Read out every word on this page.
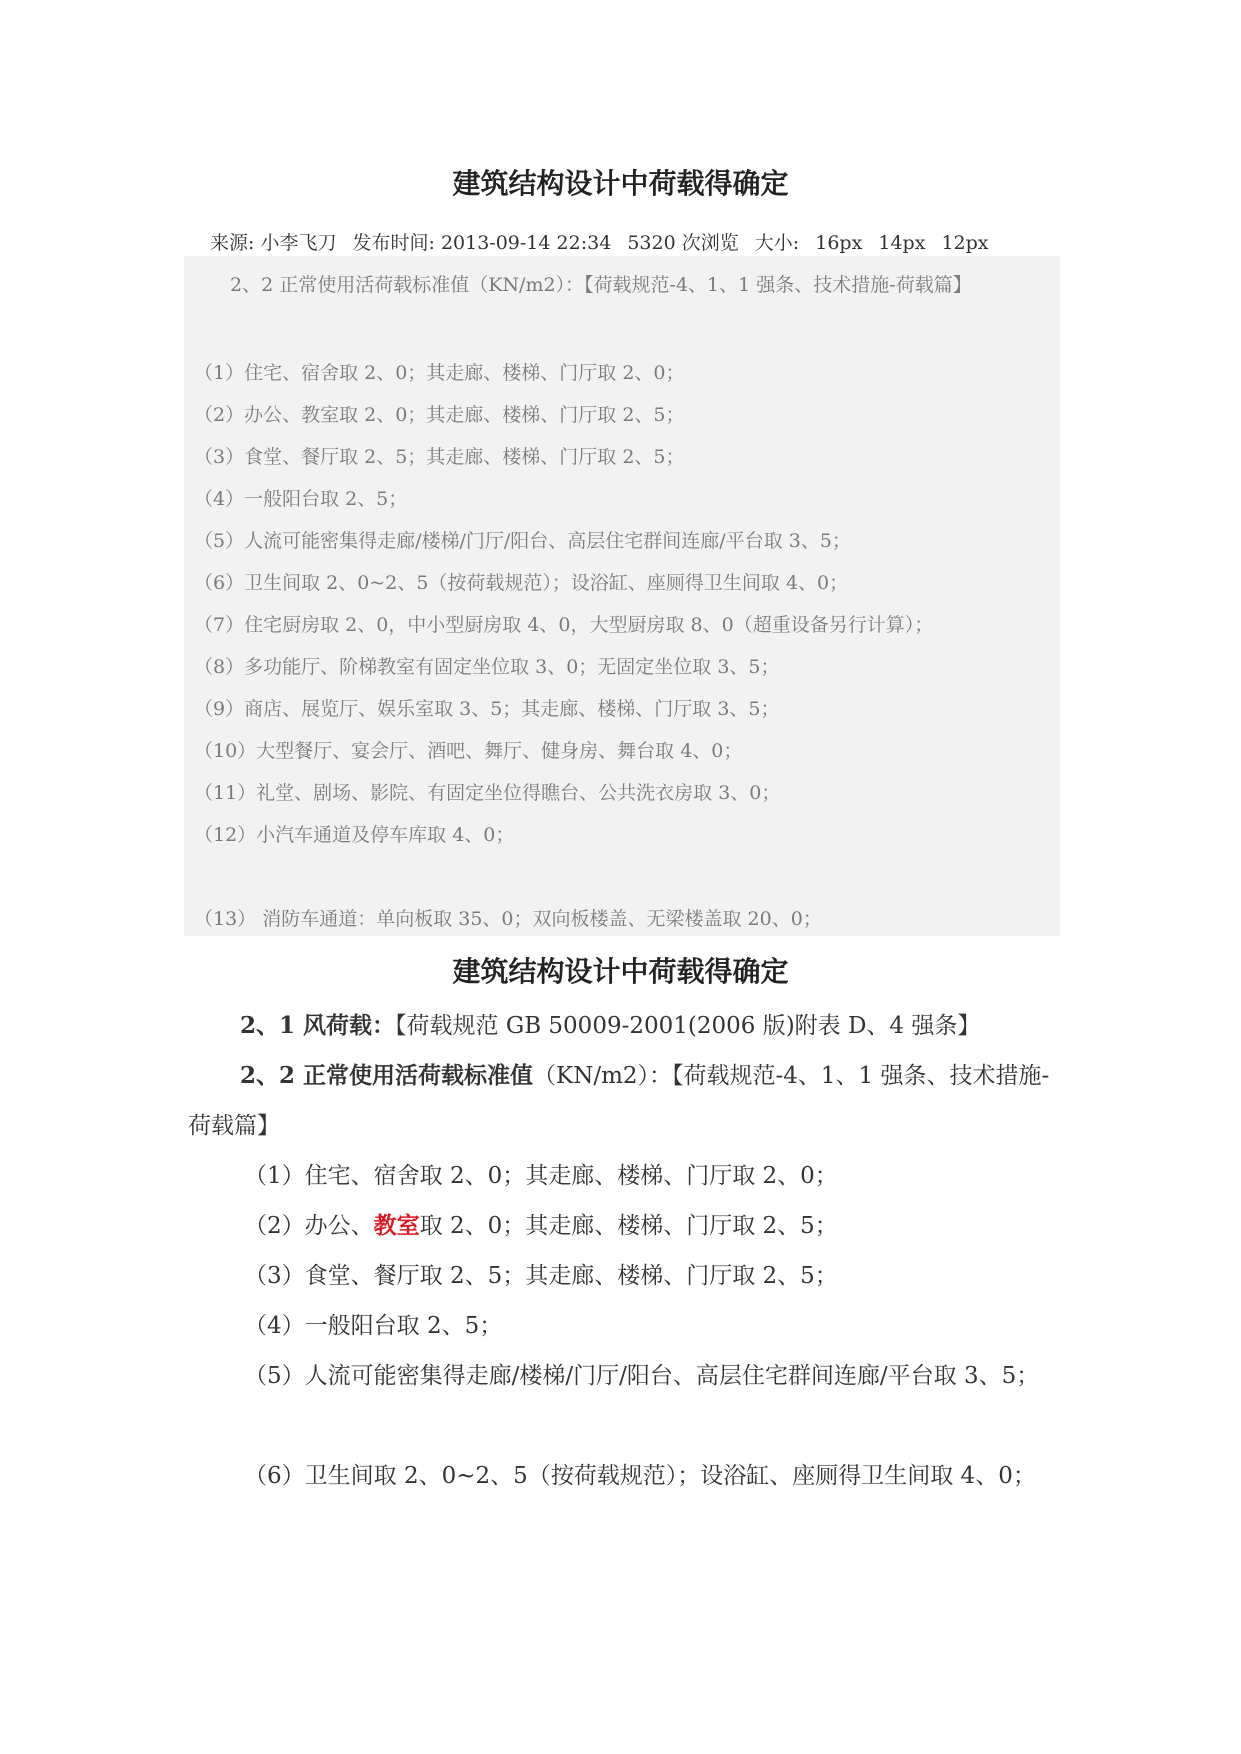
建筑结构设计中荷载得确定
来源: 小李飞刀 发布时间: 2013-09-14 22:34 5320 次浏览 大小: 16px 14px 12px
2、2 正常使用活荷载标准值（KN/m2）：【荷载规范-4、1、1 强条、技术措施-荷载篇】
（1）住宅、宿舍取 2、0；其走廊、楼梯、门厅取 2、0；
（2）办公、教室取 2、0；其走廊、楼梯、门厅取 2、5；
（3）食堂、餐厅取 2、5；其走廊、楼梯、门厅取 2、5；
（4）一般阳台取 2、5；
（5）人流可能密集得走廊/楼梯/门厅/阳台、高层住宅群间连廊/平台取 3、5；
（6）卫生间取 2、0~2、5（按荷载规范）；设浴缸、座厕得卫生间取 4、0；
（7）住宅厨房取 2、0，中小型厨房取 4、0，大型厨房取 8、0（超重设备另行计算）；
（8）多功能厅、阶梯教室有固定坐位取 3、0；无固定坐位取 3、5；
（9）商店、展览厅、娱乐室取 3、5；其走廊、楼梯、门厅取 3、5；
（10）大型餐厅、宴会厅、酒吧、舞厅、健身房、舞台取 4、0；
（11）礼堂、剧场、影院、有固定坐位得瞧台、公共洗衣房取 3、0；
（12）小汽车通道及停车库取 4、0；
（13） 消防车通道：单向板取 35、0；双向板楼盖、无梁楼盖取 20、0；
建筑结构设计中荷载得确定
2、1 风荷载：【荷载规范 GB 50009-2001(2006 版)附表 D、4 强条】
2、2 正常使用活荷载标准值（KN/m2）：【荷载规范-4、1、1 强条、技术措施-荷载篇】
（1）住宅、宿舍取 2、0；其走廊、楼梯、门厅取 2、0；
（2）办公、教室取 2、0；其走廊、楼梯、门厅取 2、5；
（3）食堂、餐厅取 2、5；其走廊、楼梯、门厅取 2、5；
（4）一般阳台取 2、5；
（5）人流可能密集得走廊/楼梯/门厅/阳台、高层住宅群间连廊/平台取 3、5；
（6）卫生间取 2、0~2、5（按荷载规范）；设浴缸、座厕得卫生间取 4、0；
